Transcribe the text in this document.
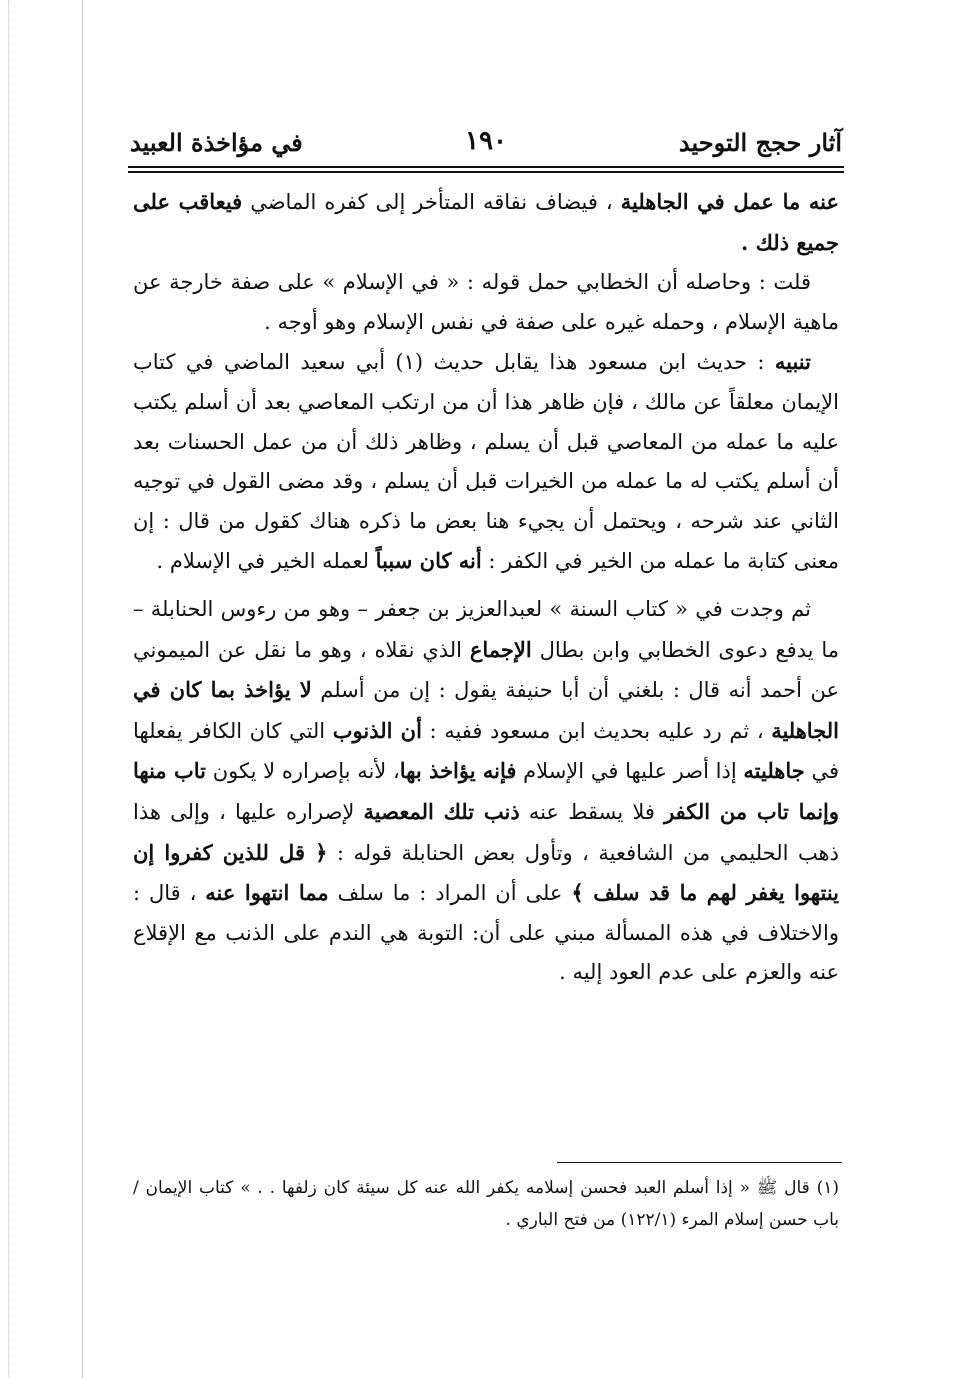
آثار حجج التوحيد
١٩٠
في مؤاخذة العبيد

عنه ما عمل في الجاهلية ، فيضاف نفاقه المتأخر إلى كفره الماضي فيعاقب على جميع ذلك .

قلت : وحاصله أن الخطابي حمل قوله : « في الإسلام » على صفة خارجة عن ماهية الإسلام ، وحمله غيره على صفة في نفس الإسلام وهو أوجه .

تنبيه : حديث ابن مسعود هذا يقابل حديث (١) أبي سعيد الماضي في كتاب الإيمان معلقاً عن مالك ، فإن ظاهر هذا أن من ارتكب المعاصي بعد أن أسلم يكتب عليه ما عمله من المعاصي قبل أن يسلم ، وظاهر ذلك أن من عمل الحسنات بعد أن أسلم يكتب له ما عمله من الخيرات قبل أن يسلم ، وقد مضى القول في توجيه الثاني عند شرحه ، ويحتمل أن يجيء هنا بعض ما ذكره هناك كقول من قال : إن معنى كتابة ما عمله من الخير في الكفر : أنه كان سبباً لعمله الخير في الإسلام .

ثم وجدت في « كتاب السنة » لعبدالعزيز بن جعفر – وهو من رءوس الحنابلة – ما يدفع دعوى الخطابي وابن بطال الإجماع الذي نقلاه ، وهو ما نقل عن الميموني عن أحمد أنه قال : بلغني أن أبا حنيفة يقول : إن من أسلم لا يؤاخذ بما كان في الجاهلية ، ثم رد عليه بحديث ابن مسعود ففيه : أن الذنوب التي كان الكافر يفعلها في جاهليته إذا أصر عليها في الإسلام فإنه يؤاخذ بها، لأنه بإصراره لا يكون تاب منها وإنما تاب من الكفر فلا يسقط عنه ذنب تلك المعصية لإصراره عليها ، وإلى هذا ذهب الحليمي من الشافعية ، وتأول بعض الحنابلة قوله : ﴿ قل للذين كفروا إن ينتهوا يغفر لهم ما قد سلف ﴾ على أن المراد : ما سلف مما انتهوا عنه ، قال : والاختلاف في هذه المسألة مبني على أن: التوبة هي الندم على الذنب مع الإقلاع عنه والعزم على عدم العود إليه .

(١) قال ﷺ « إذا أسلم العبد فحسن إسلامه يكفر الله عنه كل سيئة كان زلفها . . » كتاب الإيمان / باب حسن إسلام المرء (١٢٢/١) من فتح الباري .
